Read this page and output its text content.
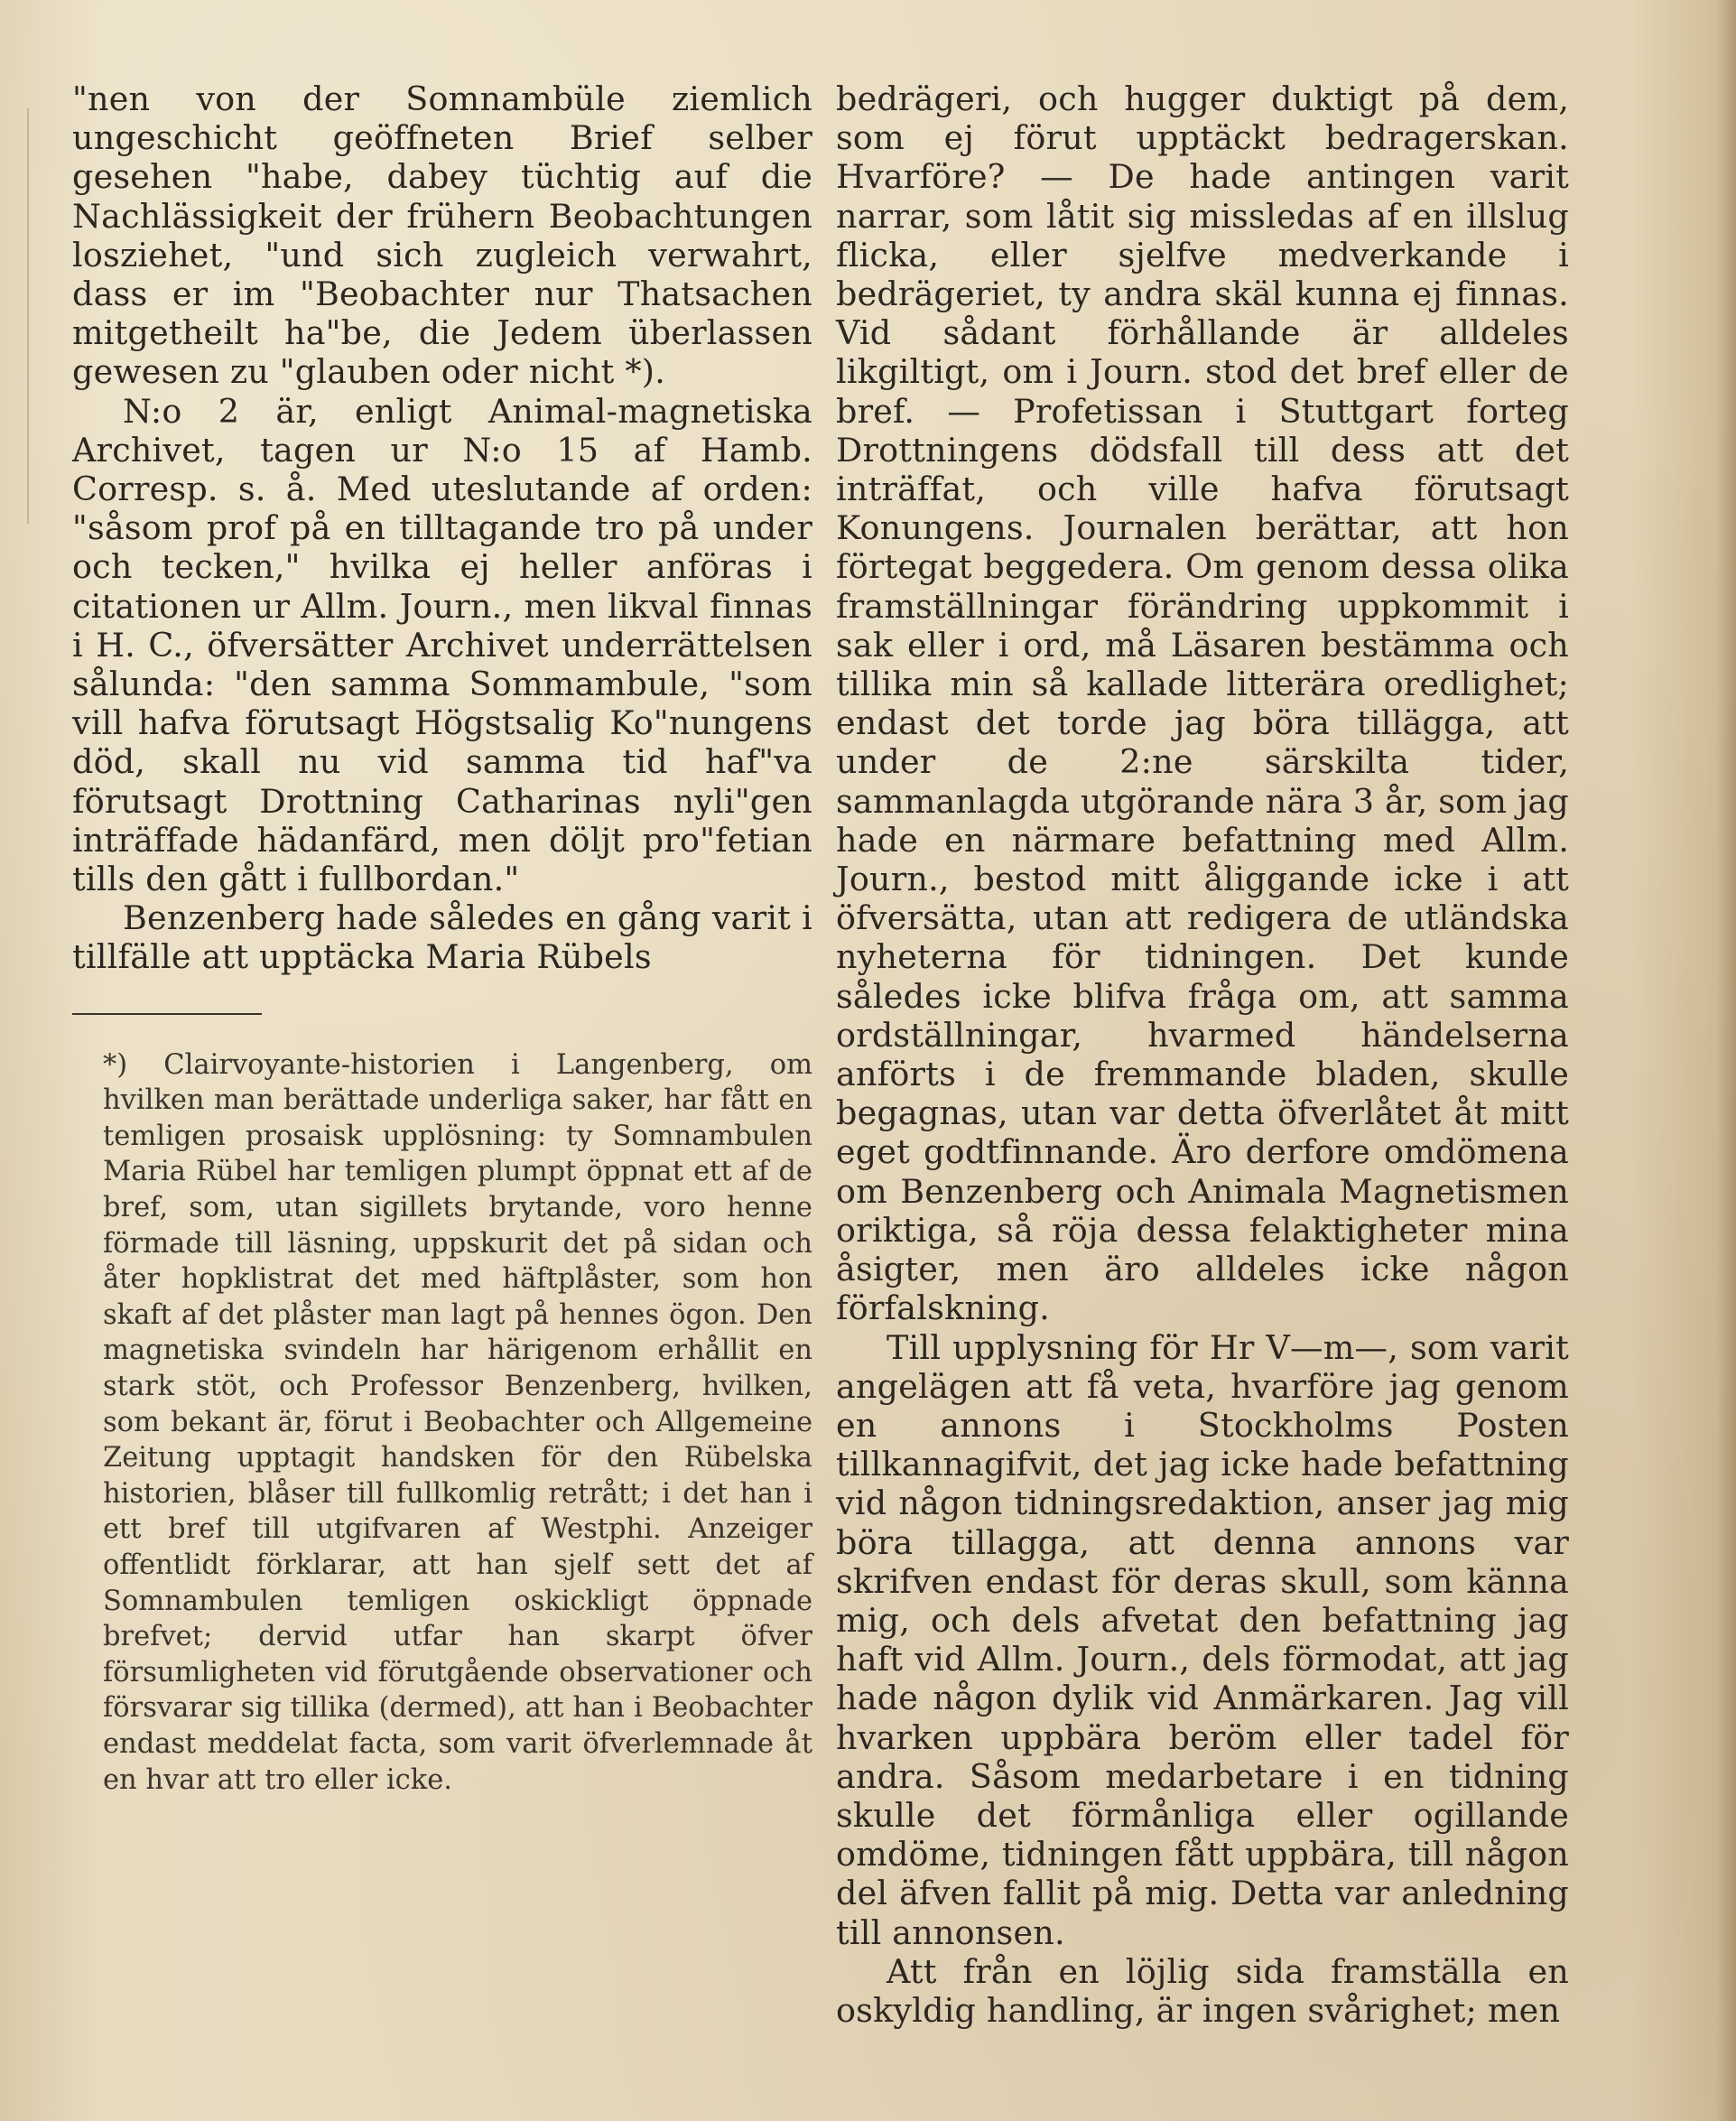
"nen von der Somnambüle ziemlich ungeschicht geöffneten Brief selber gesehen "habe, dabey tüchtig auf die Nachlässigkeit der frühern Beobachtungen losziehet, "und sich zugleich verwahrt, dass er im "Beobachter nur Thatsachen mitgetheilt ha"be, die Jedem überlassen gewesen zu "glauben oder nicht *).

N:o 2 är, enligt Animal-magnetiska Archivet, tagen ur N:o 15 af Hamb. Corresp. s. å. Med uteslutande af orden: "såsom prof på en tilltagande tro på under och tecken," hvilka ej heller anföras i citationen ur Allm. Journ., men likval finnas i H. C., öfversätter Archivet underrättelsen sålunda: "den samma Sommambule, "som vill hafva förutsagt Högstsalig Ko"nungens död, skall nu vid samma tid haf"va förutsagt Drottning Catharinas nyli"gen inträffade hädanfärd, men döljt pro"fetian tills den gått i fullbordan."

Benzenberg hade således en gång varit i tillfälle att upptäcka Maria Rübels

*) Clairvoyante-historien i Langenberg, om hvilken man berättade underliga saker, har fått en temligen prosaisk upplösning: ty Somnambulen Maria Rübel har temligen plumpt öppnat ett af de bref, som, utan sigillets brytande, voro henne förmade till läsning, uppskurit det på sidan och åter hopklistrat det med häftplåster, som hon skaft af det plåster man lagt på hennes ögon. Den magnetiska svindeln har härigenom erhållit en stark stöt, och Professor Benzenberg, hvilken, som bekant är, förut i Beobachter och Allgemeine Zeitung upptagit handsken för den Rübelska historien, blåser till fullkomlig retrått; i det han i ett bref till utgifvaren af Westphi. Anzeiger offentlidt förklarar, att han sjelf sett det af Somnambulen temligen oskickligt öppnade brefvet; dervid utfar han skarpt öfver försumligheten vid förutgående observationer och försvarar sig tillika (dermed), att han i Beobachter endast meddelat facta, som varit öfverlemnade åt en hvar att tro eller icke.

bedrägeri, och hugger duktigt på dem, som ej förut upptäckt bedragerskan. Hvarföre? — De hade antingen varit narrar, som låtit sig missledas af en illslug flicka, eller sjelfve medverkande i bedrägeriet, ty andra skäl kunna ej finnas. Vid sådant förhållande är alldeles likgiltigt, om i Journ. stod det bref eller de bref. — Profetissan i Stuttgart forteg Drottningens dödsfall till dess att det inträffat, och ville hafva förutsagt Konungens. Journalen berättar, att hon förtegat beggedera. Om genom dessa olika framställningar förändring uppkommit i sak eller i ord, må Läsaren bestämma och tillika min så kallade litterära oredlighet; endast det torde jag böra tillägga, att under de 2:ne särskilta tider, sammanlagda utgörande nära 3 år, som jag hade en närmare befattning med Allm. Journ., bestod mitt åliggande icke i att öfversätta, utan att redigera de utländska nyheterna för tidningen. Det kunde således icke blifva fråga om, att samma ordställningar, hvarmed händelserna anförts i de fremmande bladen, skulle begagnas, utan var detta öfverlåtet åt mitt eget godtfinnande. Äro derfore omdömena om Benzenberg och Animala Magnetismen oriktiga, så röja dessa felaktigheter mina åsigter, men äro alldeles icke någon förfalskning.

Till upplysning för Hr V—m—, som varit angelägen att få veta, hvarföre jag genom en annons i Stockholms Posten tillkannagifvit, det jag icke hade befattning vid någon tidningsredaktion, anser jag mig böra tillagga, att denna annons var skrifven endast för deras skull, som känna mig, och dels afvetat den befattning jag haft vid Allm. Journ., dels förmodat, att jag hade någon dylik vid Anmärkaren. Jag vill hvarken uppbära beröm eller tadel för andra. Såsom medarbetare i en tidning skulle det förmånliga eller ogillande omdöme, tidningen fått uppbära, till någon del äfven fallit på mig. Detta var anledning till annonsen.

Att från en löjlig sida framställa en oskyldig handling, är ingen svårighet; men
